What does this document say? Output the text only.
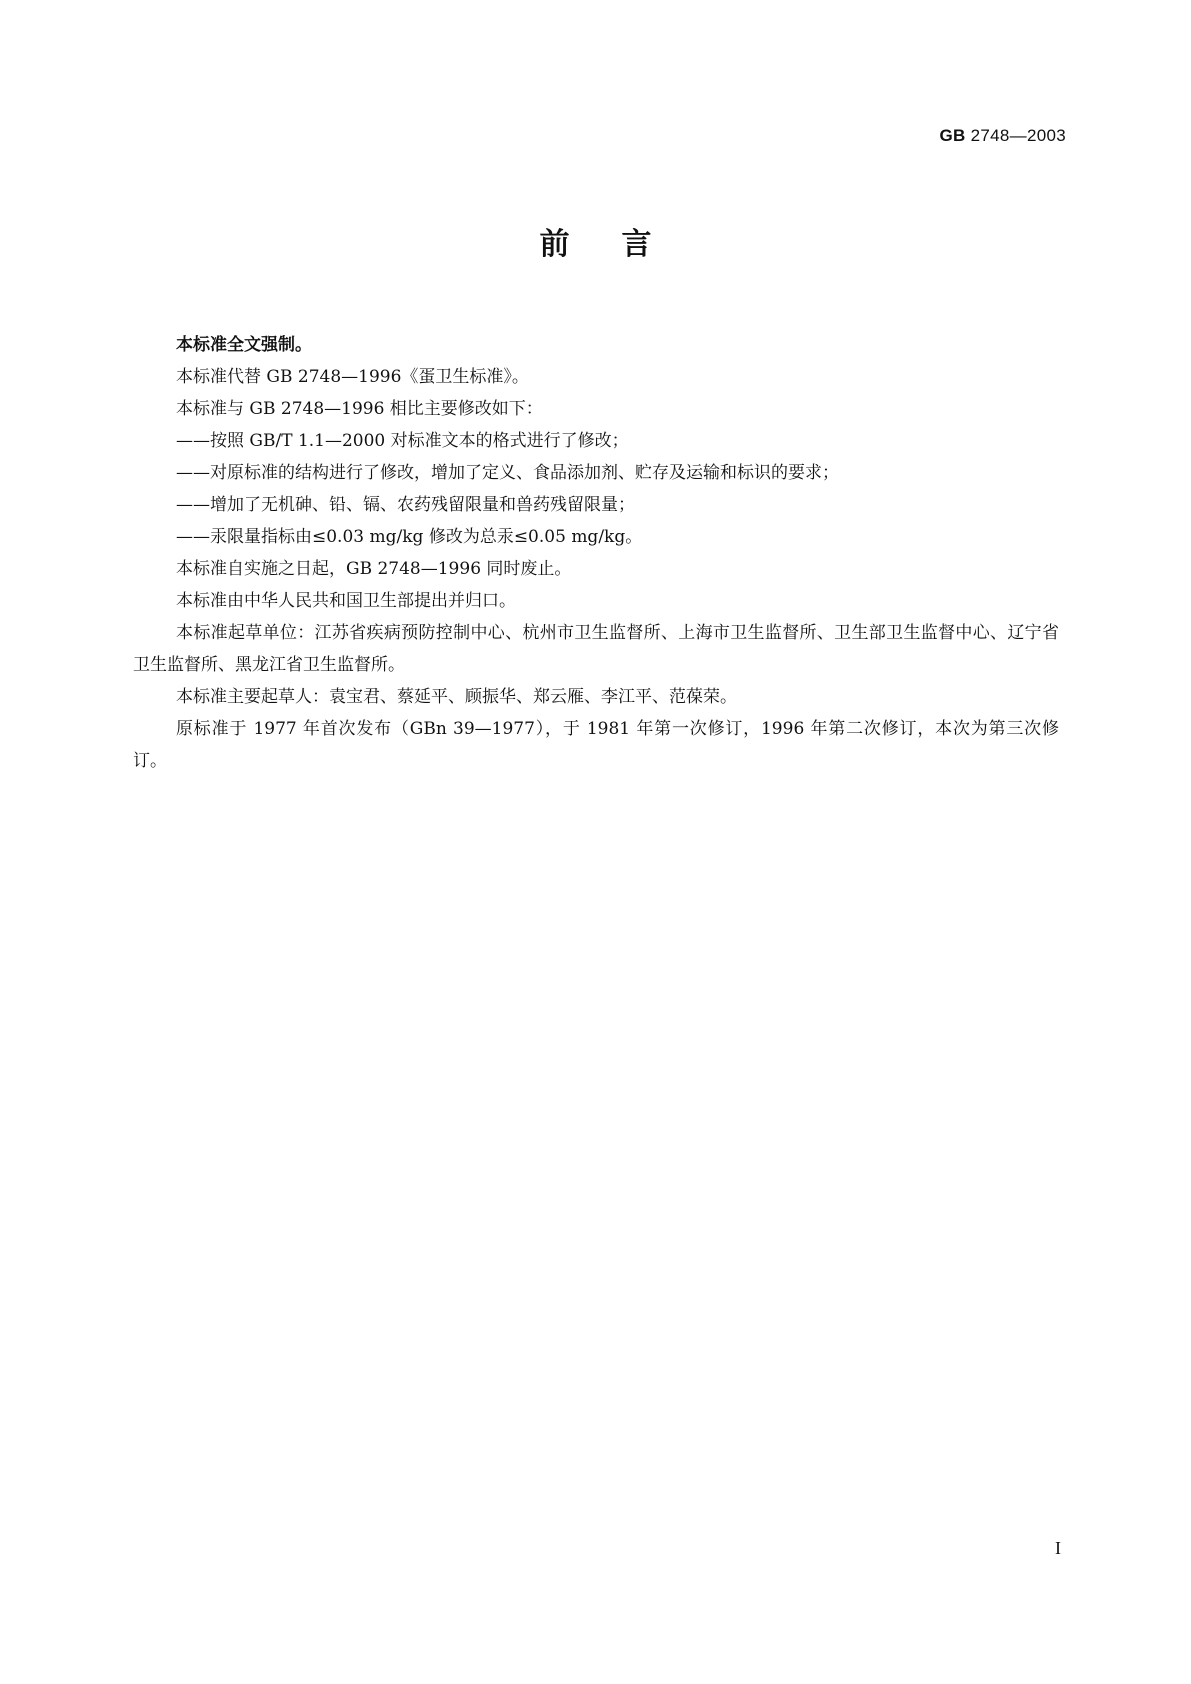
GB 2748—2003
前言

本标准全文强制。

本标准代替 GB 2748—1996《蛋卫生标准》。

本标准与 GB 2748—1996 相比主要修改如下：

——按照 GB/T 1.1—2000 对标准文本的格式进行了修改；

——对原标准的结构进行了修改，增加了定义、食品添加剂、贮存及运输和标识的要求；

——增加了无机砷、铅、镉、农药残留限量和兽药残留限量；

——汞限量指标由≤0.03 mg/kg 修改为总汞≤0.05 mg/kg。

本标准自实施之日起，GB 2748—1996 同时废止。

本标准由中华人民共和国卫生部提出并归口。

本标准起草单位：江苏省疾病预防控制中心、杭州市卫生监督所、上海市卫生监督所、卫生部卫生监督中心、辽宁省卫生监督所、黑龙江省卫生监督所。

本标准主要起草人：袁宝君、蔡延平、顾振华、郑云雁、李江平、范葆荣。

原标准于 1977 年首次发布（GBn 39—1977），于 1981 年第一次修订，1996 年第二次修订，本次为第三次修订。

I
